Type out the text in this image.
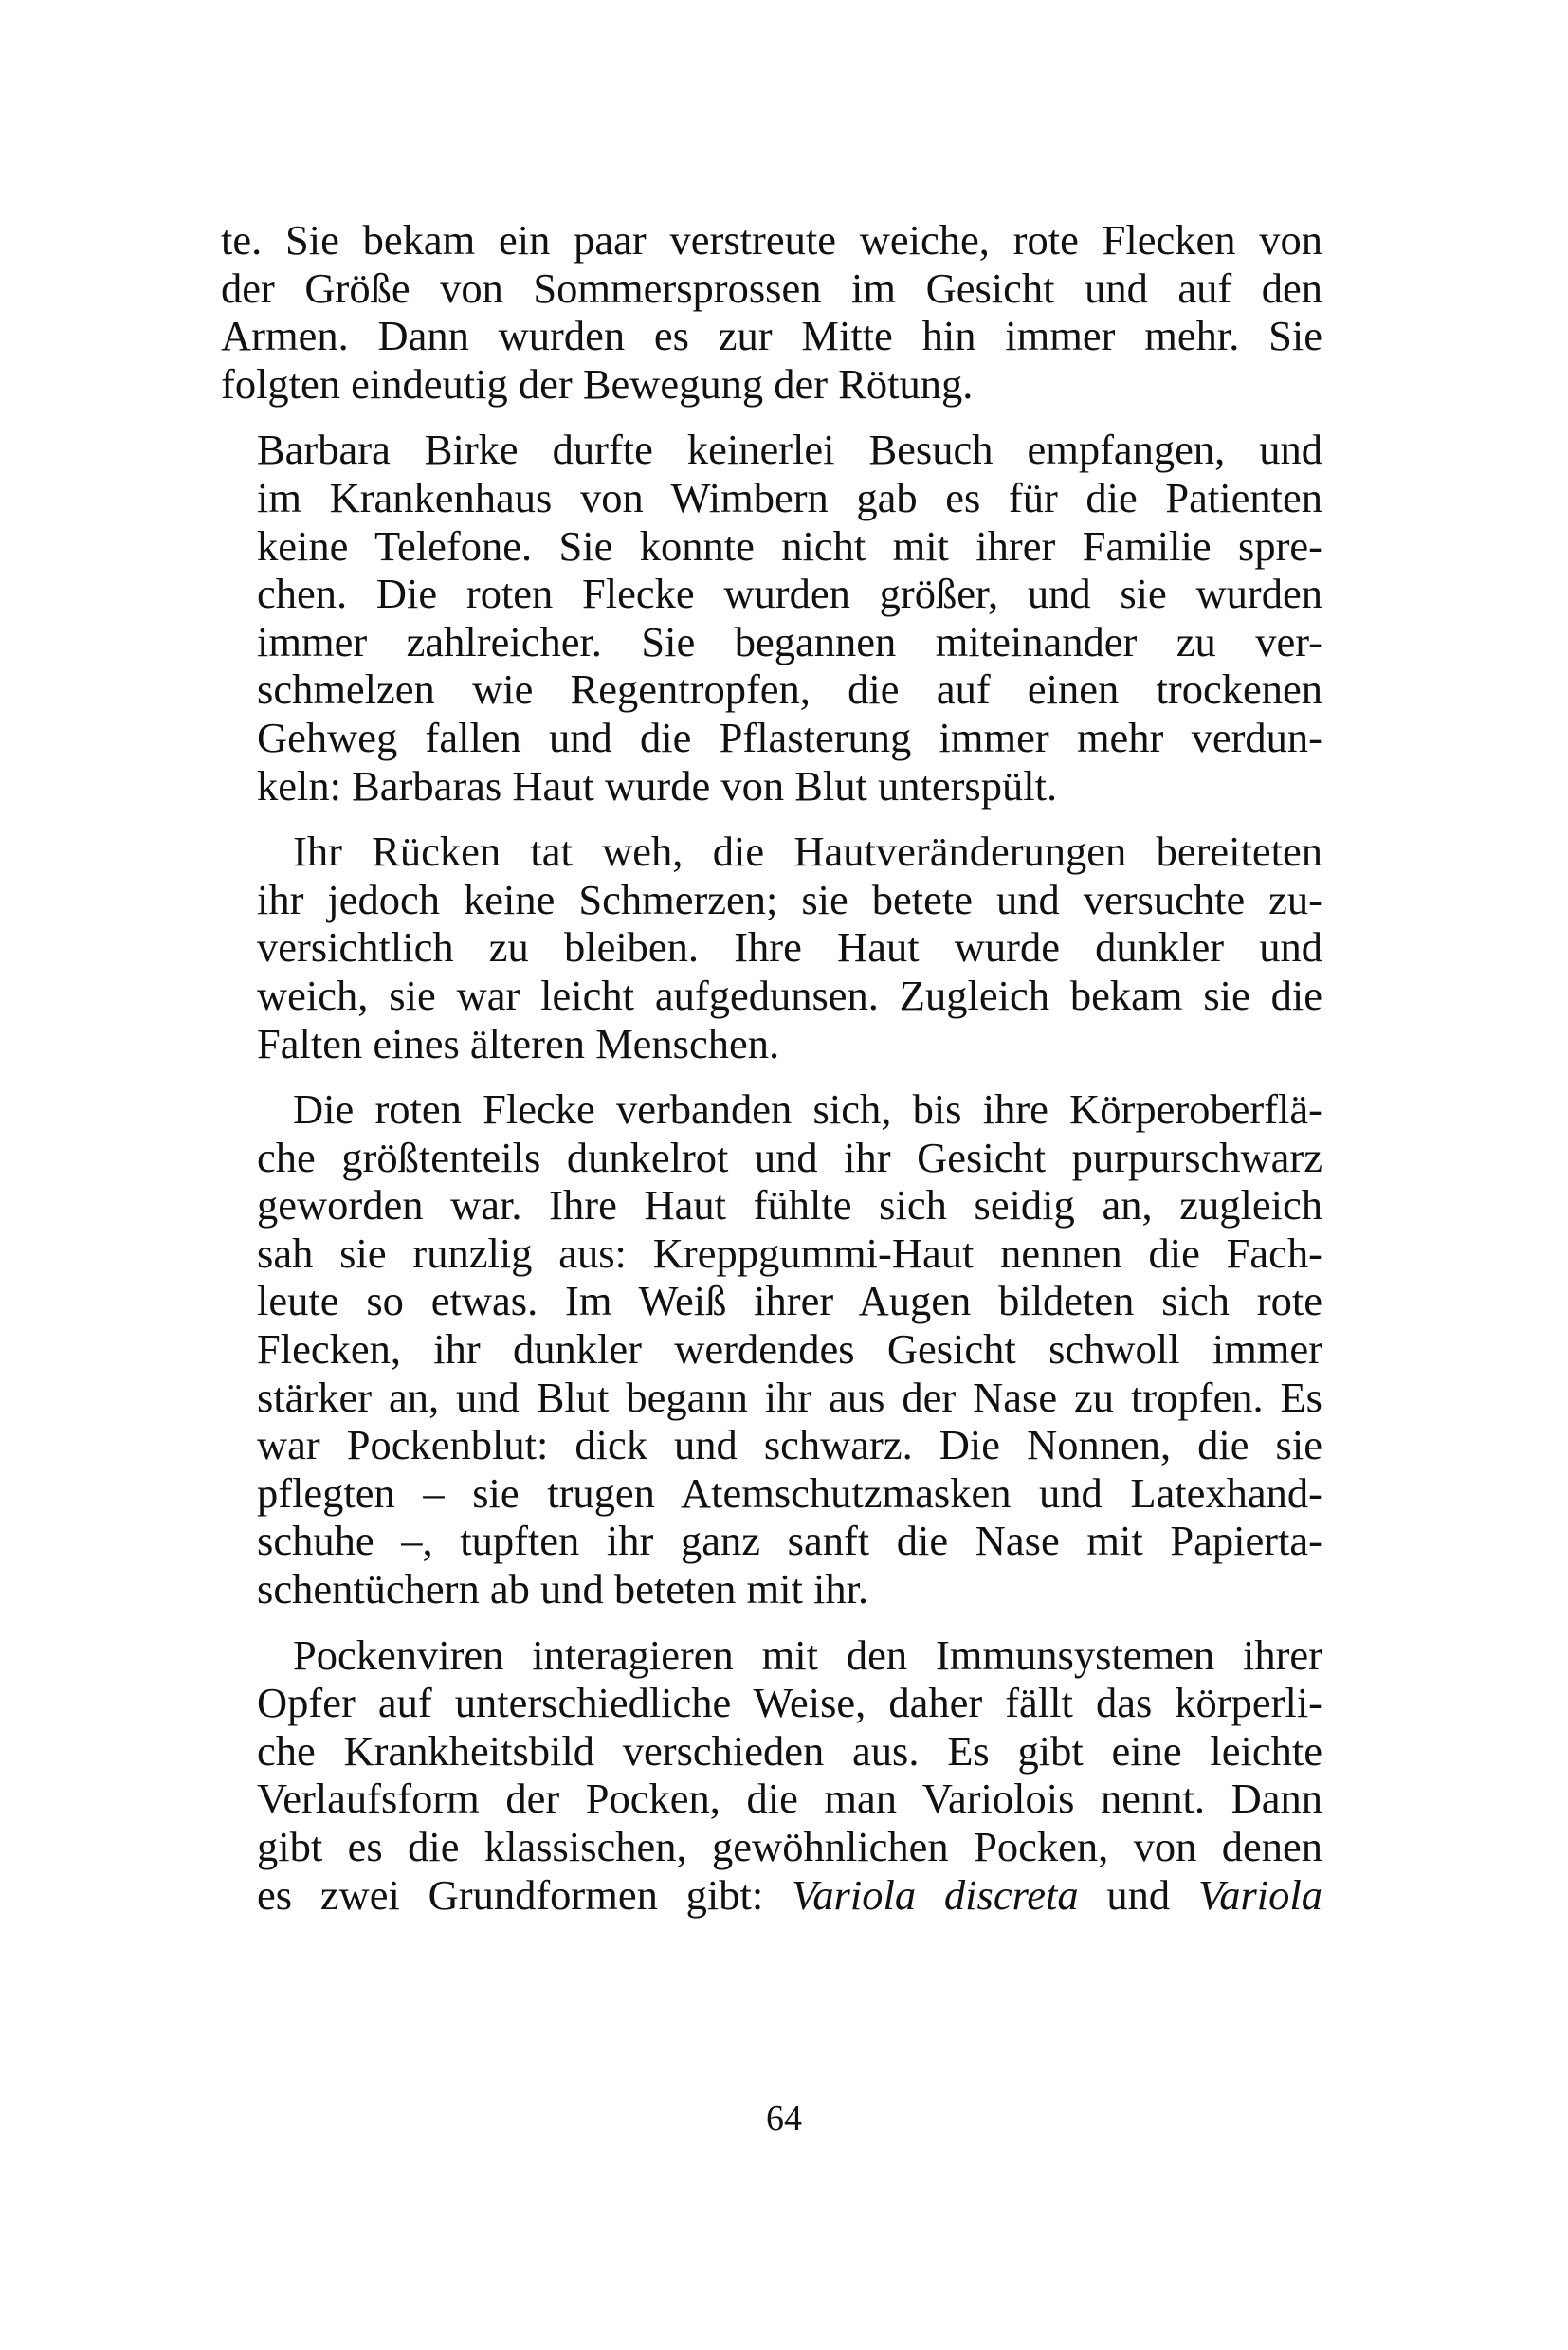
te. Sie bekam ein paar verstreute weiche, rote Flecken von
der Größe von Sommersprossen im Gesicht und auf den
Armen. Dann wurden es zur Mitte hin immer mehr. Sie
folgten eindeutig der Bewegung der Rötung.

Barbara Birke durfte keinerlei Besuch empfangen, und
im Krankenhaus von Wimbern gab es für die Patienten
keine Telefone. Sie konnte nicht mit ihrer Familie spre-
chen. Die roten Flecke wurden größer, und sie wurden
immer zahlreicher. Sie begannen miteinander zu ver-
schmelzen wie Regentropfen, die auf einen trockenen
Gehweg fallen und die Pflasterung immer mehr verdun-
keln: Barbaras Haut wurde von Blut unterspült.

Ihr Rücken tat weh, die Hautveränderungen bereiteten
ihr jedoch keine Schmerzen; sie betete und versuchte zu-
versichtlich zu bleiben. Ihre Haut wurde dunkler und
weich, sie war leicht aufgedunsen. Zugleich bekam sie die
Falten eines älteren Menschen.

Die roten Flecke verbanden sich, bis ihre Körperoberflä-
che größtenteils dunkelrot und ihr Gesicht purpurschwarz
geworden war. Ihre Haut fühlte sich seidig an, zugleich
sah sie runzlig aus: Kreppgummi-Haut nennen die Fach-
leute so etwas. Im Weiß ihrer Augen bildeten sich rote
Flecken, ihr dunkler werdendes Gesicht schwoll immer
stärker an, und Blut begann ihr aus der Nase zu tropfen. Es
war Pockenblut: dick und schwarz. Die Nonnen, die sie
pflegten – sie trugen Atemschutzmasken und Latexhand-
schuhe –, tupften ihr ganz sanft die Nase mit Papierta-
schentüchern ab und beteten mit ihr.

Pockenviren interagieren mit den Immunsystemen ihrer
Opfer auf unterschiedliche Weise, daher fällt das körperli-
che Krankheitsbild verschieden aus. Es gibt eine leichte
Verlaufsform der Pocken, die man Variolois nennt. Dann
gibt es die klassischen, gewöhnlichen Pocken, von denen
es zwei Grundformen gibt: Variola discreta und Variola

64
